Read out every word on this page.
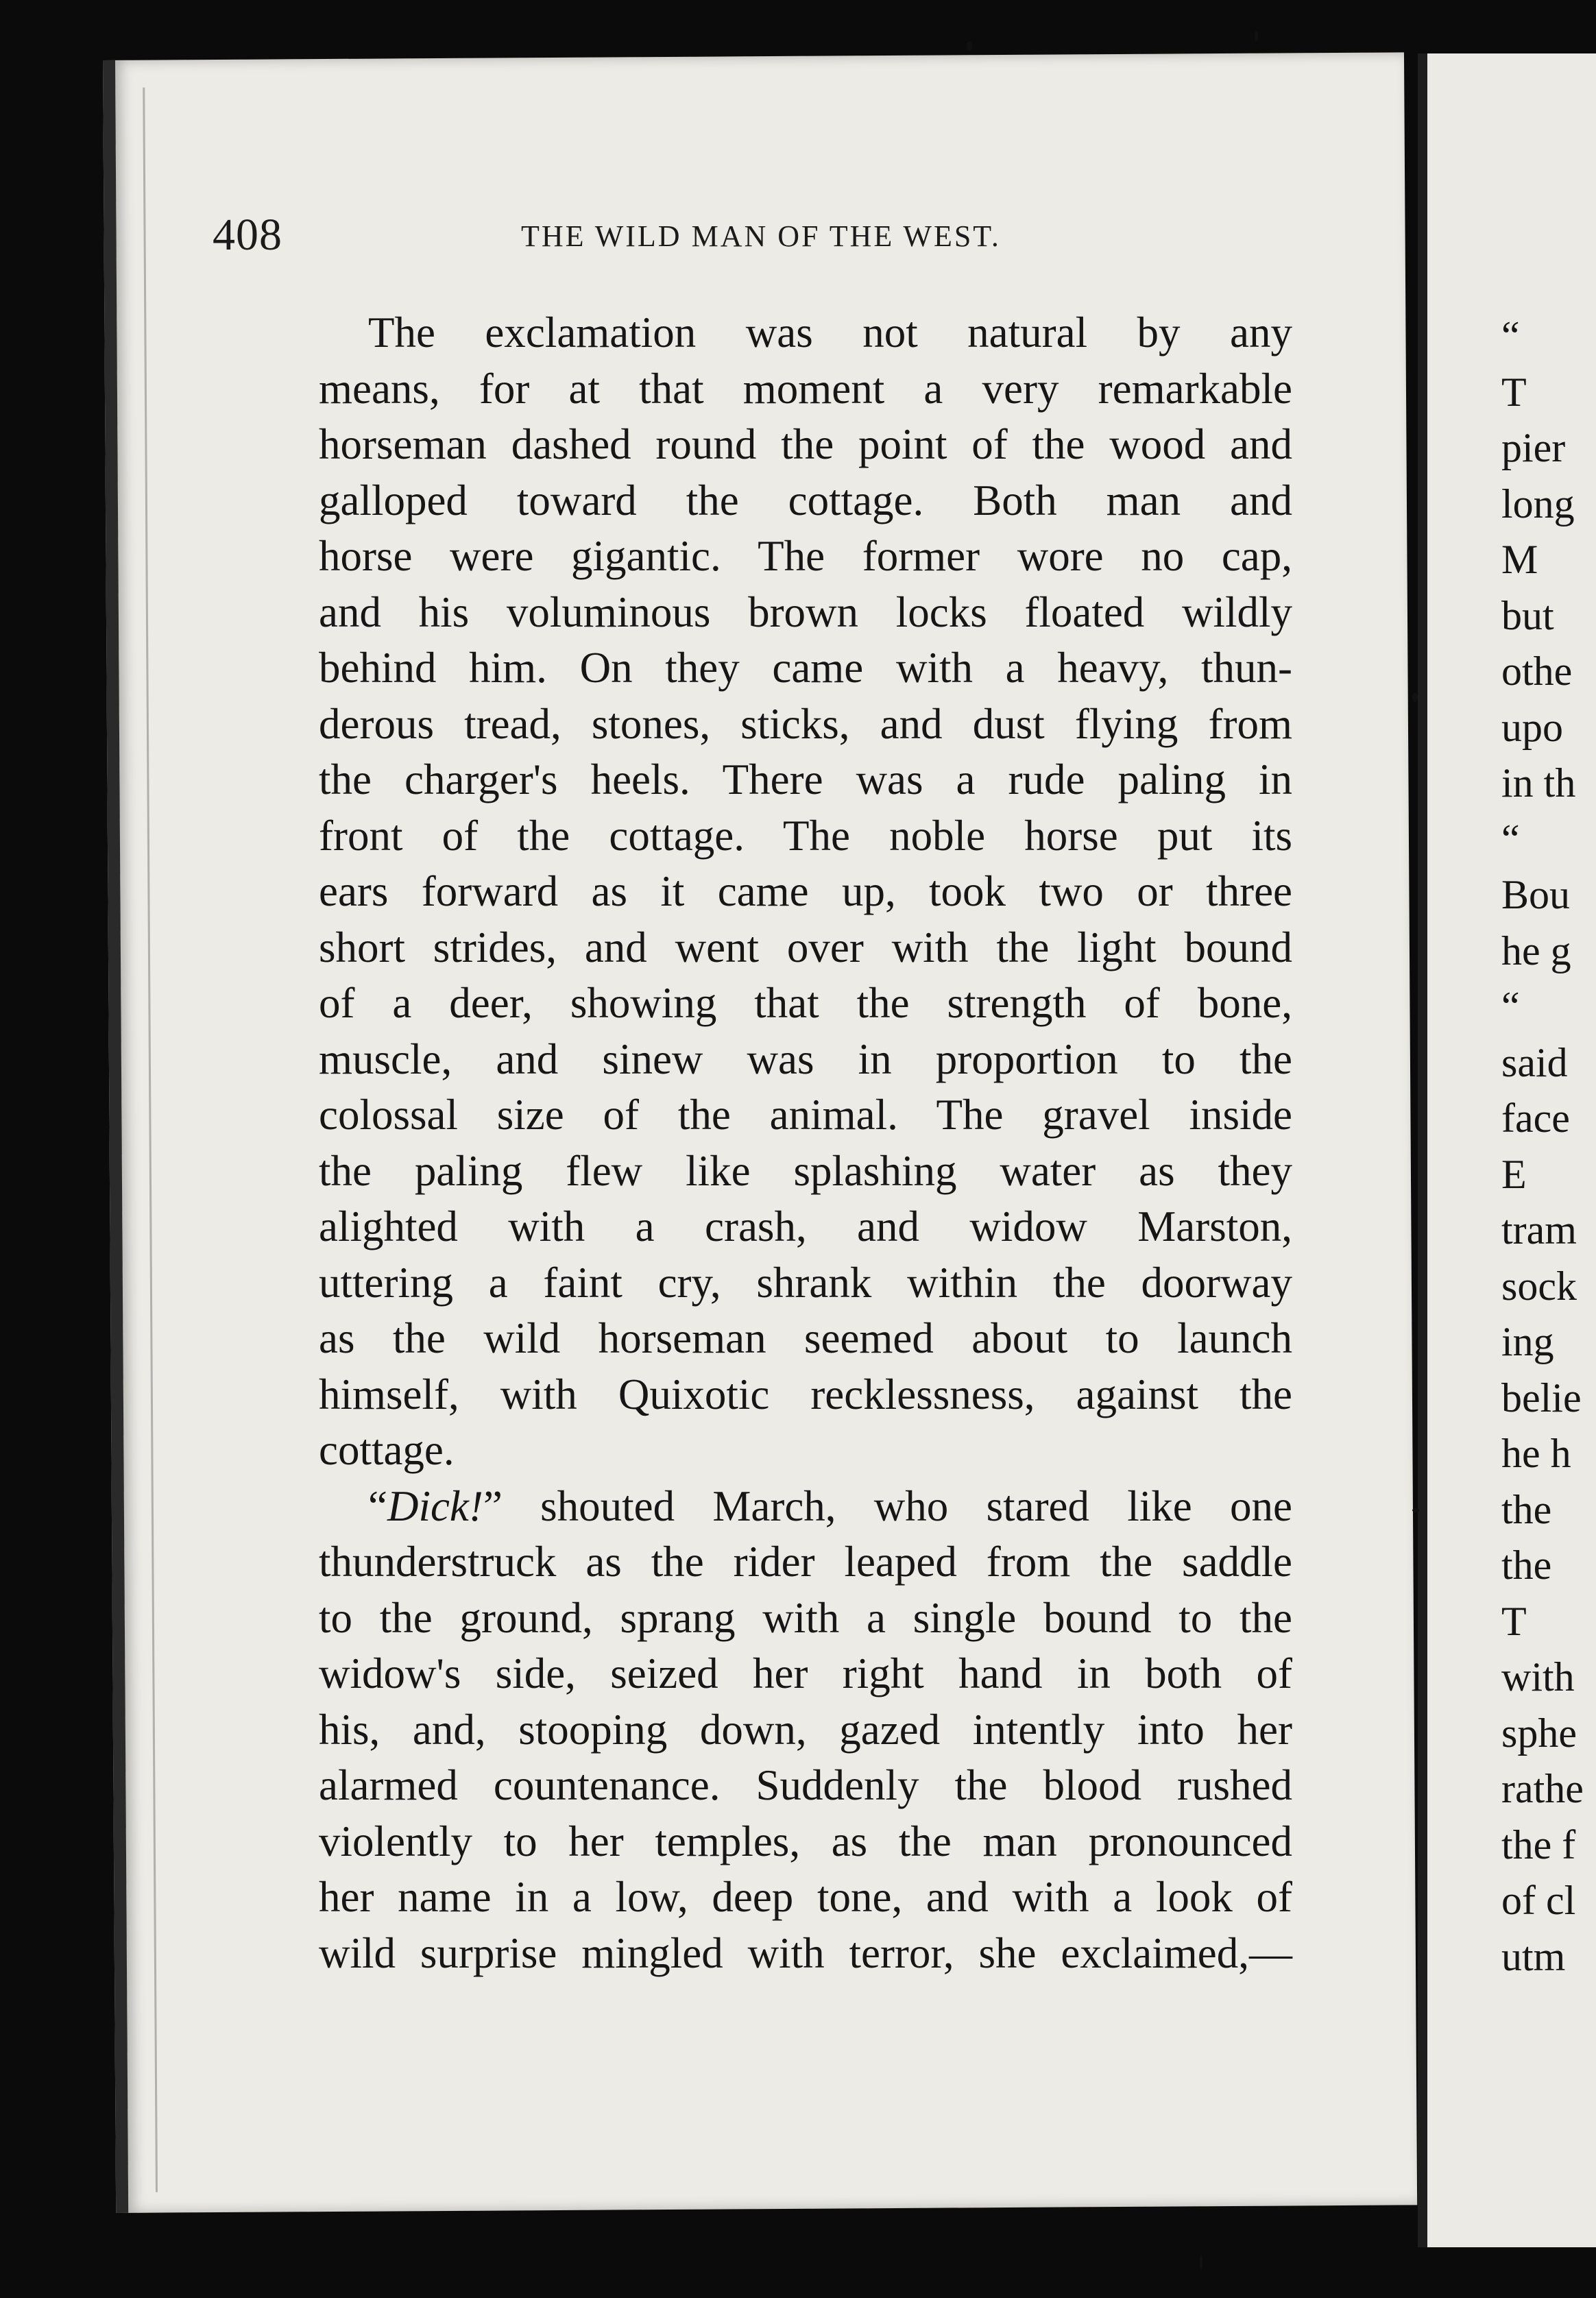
408	THE WILD MAN OF THE WEST.
The exclamation was not natural by any
means, for at that moment a very remarkable
horseman dashed round the point of the wood and
galloped toward the cottage. Both man and
horse were gigantic. The former wore no cap,
and his voluminous brown locks floated wildly
behind him. On they came with a heavy, thun-
derous tread, stones, sticks, and dust flying from
the charger's heels. There was a rude paling in
front of the cottage. The noble horse put its
ears forward as it came up, took two or three
short strides, and went over with the light bound
of a deer, showing that the strength of bone,
muscle, and sinew was in proportion to the
colossal size of the animal. The gravel inside
the paling flew like splashing water as they
alighted with a crash, and widow Marston,
uttering a faint cry, shrank within the doorway
as the wild horseman seemed about to launch
himself, with Quixotic recklessness, against the
cottage.
“Dick!” shouted March, who stared like one
thunderstruck as the rider leaped from the saddle
to the ground, sprang with a single bound to the
widow's side, seized her right hand in both of
his, and, stooping down, gazed intently into her
alarmed countenance. Suddenly the blood rushed
violently to her temples, as the man pronounced
her name in a low, deep tone, and with a look of
wild surprise mingled with terror, she exclaimed,—
“
T
pier
long
M
but
othe
upo
in th
“
Bou
he g
“
said
face
E
tram
sock
ing
belie
he h
the
the
T
with
sphe
rathe
the f
of cl
utm
